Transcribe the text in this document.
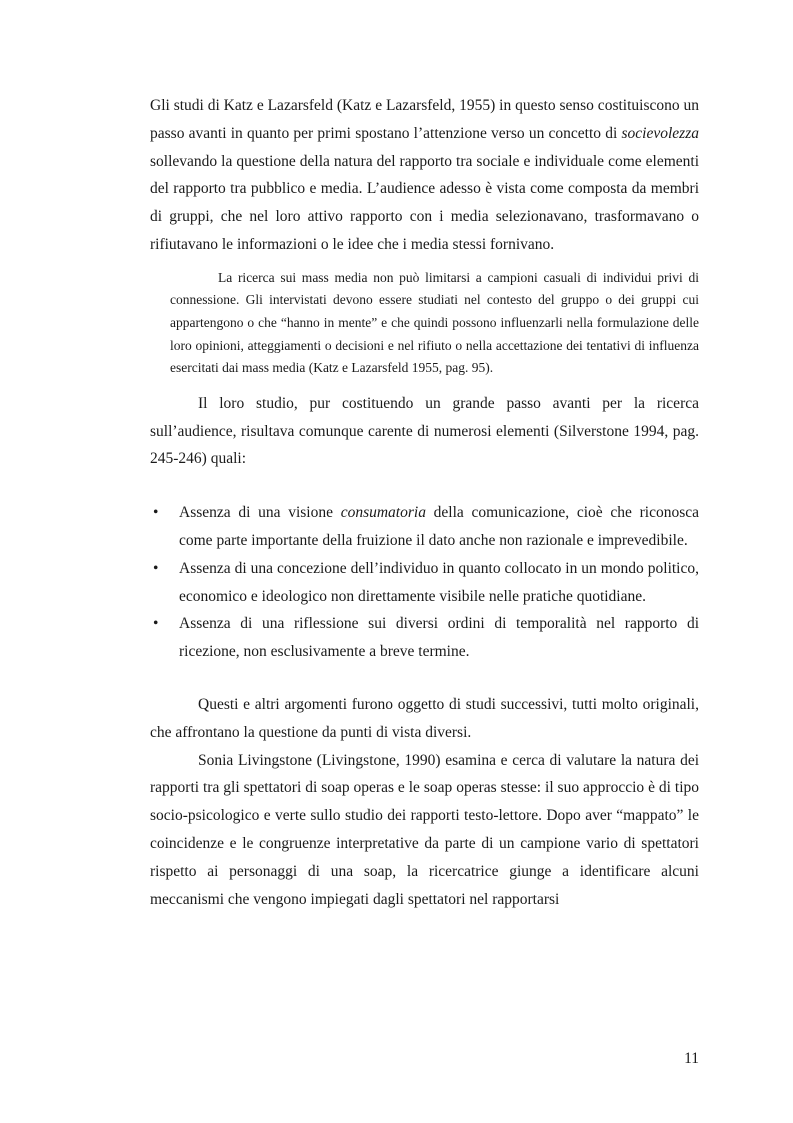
Gli studi di Katz e Lazarsfeld (Katz e Lazarsfeld, 1955) in questo senso costituiscono un passo avanti in quanto per primi spostano l’attenzione verso un concetto di socievolezza sollevando la questione della natura del rapporto tra sociale e individuale come elementi del rapporto tra pubblico e media. L’audience adesso è vista come composta da membri di gruppi, che nel loro attivo rapporto con i media selezionavano, trasformavano o rifiutavano le informazioni o le idee che i media stessi fornivano.

La ricerca sui mass media non può limitarsi a campioni casuali di individui privi di connessione. Gli intervistati devono essere studiati nel contesto del gruppo o dei gruppi cui appartengono o che “hanno in mente” e che quindi possono influenzarli nella formulazione delle loro opinioni, atteggiamenti o decisioni e nel rifiuto o nella accettazione dei tentativi di influenza esercitati dai mass media (Katz e Lazarsfeld 1955, pag. 95).

Il loro studio, pur costituendo un grande passo avanti per la ricerca sull’audience, risultava comunque carente di numerosi elementi (Silverstone 1994, pag. 245-246) quali:

• Assenza di una visione consumatoria della comunicazione, cioè che riconosca come parte importante della fruizione il dato anche non razionale e imprevedibile.
• Assenza di una concezione dell’individuo in quanto collocato in un mondo politico, economico e ideologico non direttamente visibile nelle pratiche quotidiane.
• Assenza di una riflessione sui diversi ordini di temporalità nel rapporto di ricezione, non esclusivamente a breve termine.

Questi e altri argomenti furono oggetto di studi successivi, tutti molto originali, che affrontano la questione da punti di vista diversi.

Sonia Livingstone (Livingstone, 1990) esamina e cerca di valutare la natura dei rapporti tra gli spettatori di soap operas e le soap operas stesse: il suo approccio è di tipo socio-psicologico e verte sullo studio dei rapporti testo-lettore. Dopo aver “mappato” le coincidenze e le congruenze interpretative da parte di un campione vario di spettatori rispetto ai personaggi di una soap, la ricercatrice giunge a identificare alcuni meccanismi che vengono impiegati dagli spettatori nel rapportarsi

11
